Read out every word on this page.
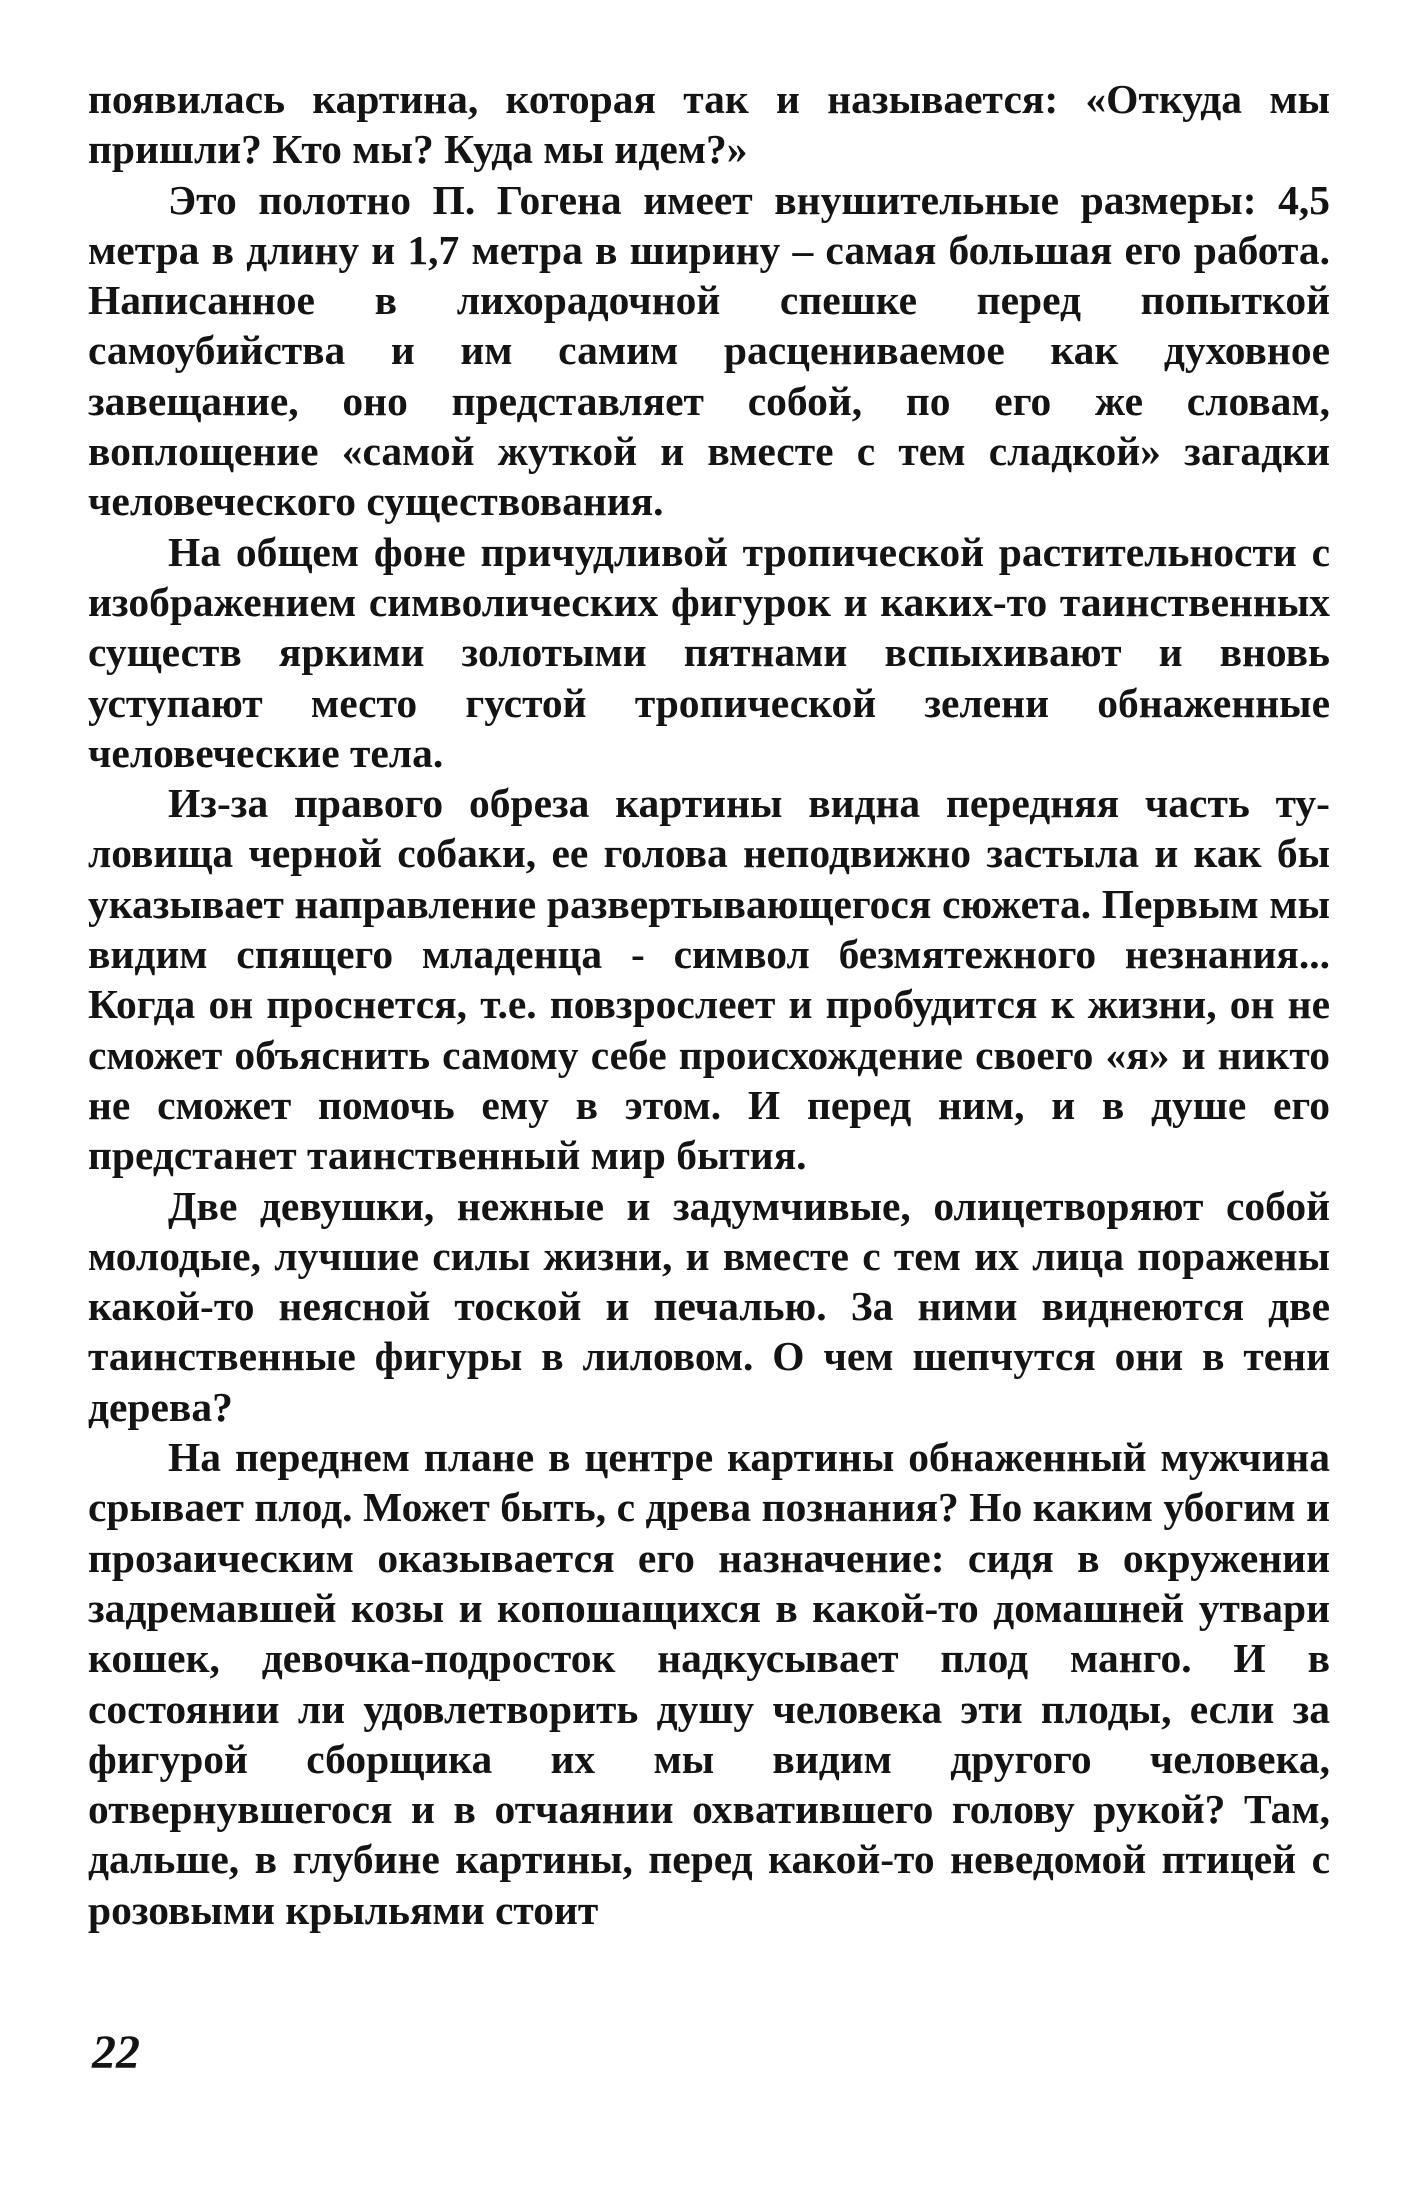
появилась картина, которая так и называется: «Откуда мы пришли? Кто мы? Куда мы идем?»

Это полотно П. Гогена имеет внушительные размеры: 4,5 метра в длину и 1,7 метра в ширину – самая большая его работа. Написанное в лихорадочной спешке перед попыткой самоубийства и им самим расцениваемое как духовное завещание, оно представляет собой, по его же словам, воплощение «самой жуткой и вместе с тем сладкой» загадки человеческого существования.

На общем фоне причудливой тропической растительности с изображением символических фигурок и каких-то таинственных существ яркими золотыми пятнами вспыхивают и вновь уступают место густой тропической зелени обнаженные человеческие тела.

Из-за правого обреза картины видна передняя часть туловища черной собаки, ее голова неподвижно застыла и как бы указывает направление развертывающегося сюжета. Первым мы видим спящего младенца - символ безмятежного незнания... Когда он проснется, т.е. повзрослеет и пробудится к жизни, он не сможет объяснить самому себе происхождение своего «я» и никто не сможет помочь ему в этом. И перед ним, и в душе его предстанет таинственный мир бытия.

Две девушки, нежные и задумчивые, олицетворяют собой молодые, лучшие силы жизни, и вместе с тем их лица поражены какой-то неясной тоской и печалью. За ними виднеются две таинственные фигуры в лиловом. О чем шепчутся они в тени дерева?

На переднем плане в центре картины обнаженный мужчина срывает плод. Может быть, с древа познания? Но каким убогим и прозаическим оказывается его назначение: сидя в окружении задремавшей козы и копошащихся в какой-то домашней утвари кошек, девочка-подросток надкусывает плод манго. И в состоянии ли удовлетворить душу человека эти плоды, если за фигурой сборщика их мы видим другого человека, отвернувшегося и в отчаянии охватившего голову рукой? Там, дальше, в глубине картины, перед какой-то неведомой птицей с розовыми крыльями стоит

22
